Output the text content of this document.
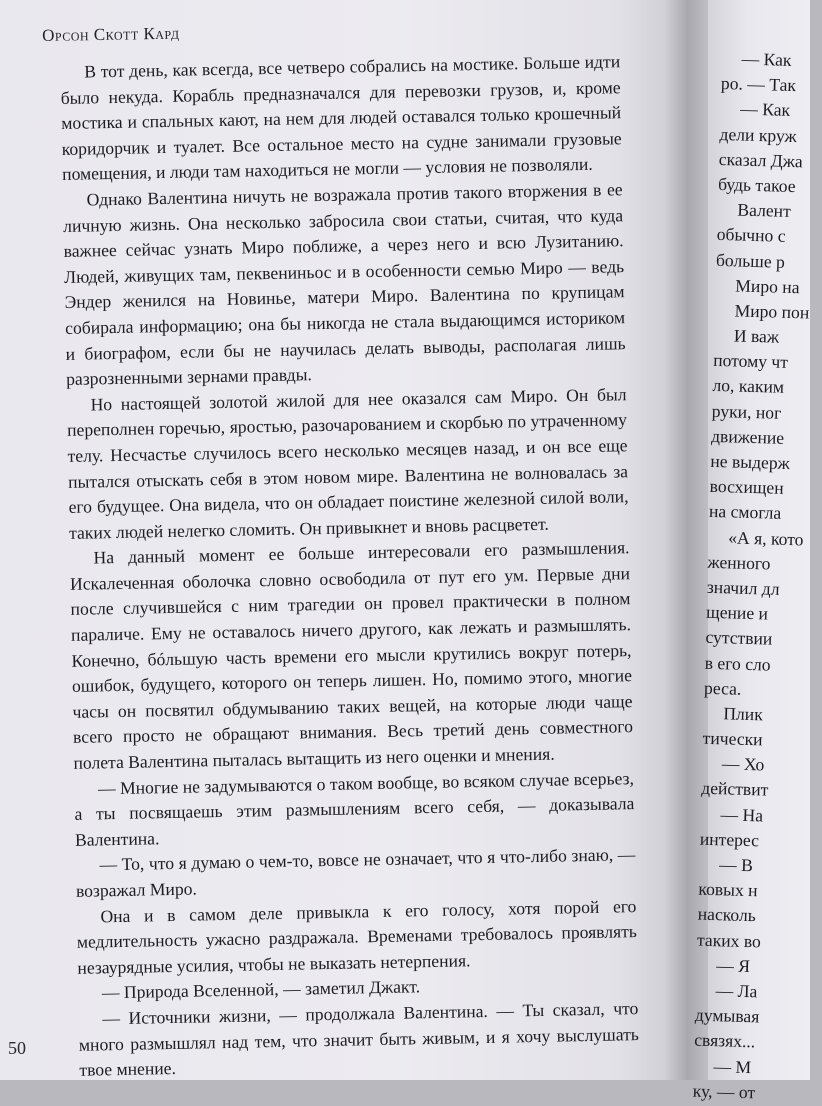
Орсон Скотт Кард

В тот день, как всегда, все четверо собрались на мостике. Больше идти было некуда. Корабль предназначался для перевозки грузов, и, кроме мостика и спальных кают, на нем для людей оставался только крошечный коридорчик и туалет. Все остальное место на судне занимали грузовые помещения, и люди там находиться не могли — условия не позволяли.

Однако Валентина ничуть не возражала против такого вторжения в ее личную жизнь. Она несколько забросила свои статьи, считая, что куда важнее сейчас узнать Миро поближе, а через него и всю Лузитанию. Людей, живущих там, пеквениньос и в особенности семью Миро — ведь Эндер женился на Новинье, матери Миро. Валентина по крупицам собирала информацию; она бы никогда не стала выдающимся историком и биографом, если бы не научилась делать выводы, располагая лишь разрозненными зернами правды.

Но настоящей золотой жилой для нее оказался сам Миро. Он был переполнен горечью, яростью, разочарованием и скорбью по утраченному телу. Несчастье случилось всего несколько месяцев назад, и он все еще пытался отыскать себя в этом новом мире. Валентина не волновалась за его будущее. Она видела, что он обладает поистине железной силой воли, таких людей нелегко сломить. Он привыкнет и вновь расцветет.

На данный момент ее больше интересовали его размышления. Искалеченная оболочка словно освободила от пут его ум. Первые дни после случившейся с ним трагедии он провел практически в полном параличе. Ему не оставалось ничего другого, как лежать и размышлять. Конечно, бóльшую часть времени его мысли крутились вокруг потерь, ошибок, будущего, которого он теперь лишен. Но, помимо этого, многие часы он посвятил обдумыванию таких вещей, на которые люди чаще всего просто не обращают внимания. Весь третий день совместного полета Валентина пыталась вытащить из него оценки и мнения.

— Многие не задумываются о таком вообще, во всяком случае всерьез, а ты посвящаешь этим размышлениям всего себя, — доказывала Валентина.

— То, что я думаю о чем-то, вовсе не означает, что я что-либо знаю, — возражал Миро.

Она и в самом деле привыкла к его голосу, хотя порой его медлительность ужасно раздражала. Временами требовалось проявлять незаурядные усилия, чтобы не выказать нетерпения.

— Природа Вселенной, — заметил Джакт.

— Источники жизни, — продолжала Валентина. — Ты сказал, что много размышлял над тем, что значит быть живым, и я хочу выслушать твое мнение.

50
— Как
ро. — Так
— Как
дели круж
сказал Джа
будь такое
Валент
обычно с
больше р
Миро на
Миро пон
И важ
потому чт
ло, каким
руки, ног
движение
не выдерж
восхищен
на смогла
«А я, кото
женного
значил дл
щение и
сутствии
в его сло
реса.
Плик
тически
— Хо
действит
— На
интерес
— В
ковых н
насколь
таких во
— Я
— Ла
думывая
связях...
— М
ку, — от
